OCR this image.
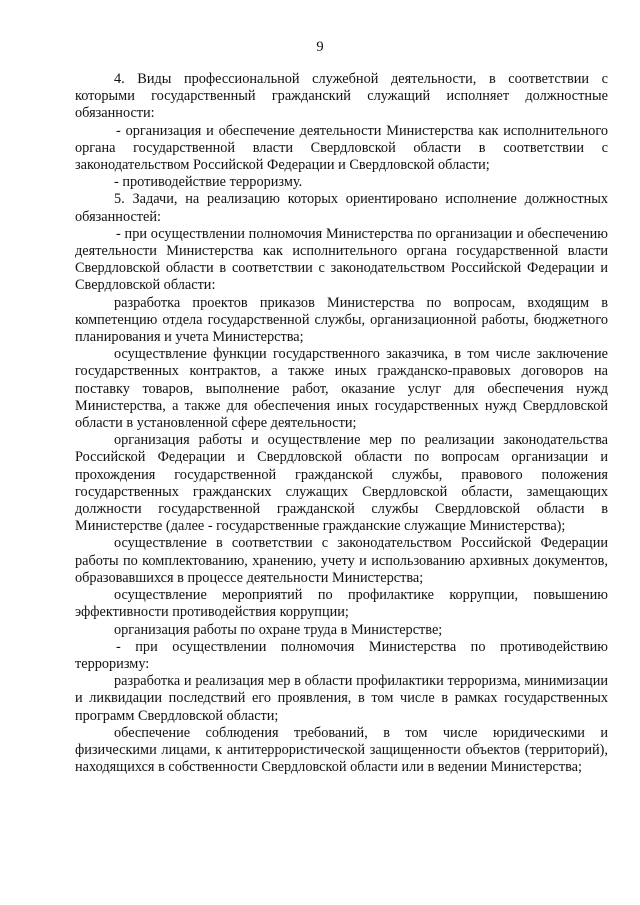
9

4. Виды профессиональной служебной деятельности, в соответствии с которыми государственный гражданский служащий исполняет должностные обязанности:

- организация и обеспечение деятельности Министерства как исполнительного органа государственной власти Свердловской области в соответствии с законодательством Российской Федерации и Свердловской области;

- противодействие терроризму.

5. Задачи, на реализацию которых ориентировано исполнение должностных обязанностей:

- при осуществлении полномочия Министерства по организации и обеспечению деятельности Министерства как исполнительного органа государственной власти Свердловской области в соответствии с законодательством Российской Федерации и Свердловской области:

разработка проектов приказов Министерства по вопросам, входящим в компетенцию отдела государственной службы, организационной работы, бюджетного планирования и учета Министерства;

осуществление функции государственного заказчика, в том числе заключение государственных контрактов, а также иных гражданско-правовых договоров на поставку товаров, выполнение работ, оказание услуг для обеспечения нужд Министерства, а также для обеспечения иных государственных нужд Свердловской области в установленной сфере деятельности;

организация работы и осуществление мер по реализации законодательства Российской Федерации и Свердловской области по вопросам организации и прохождения государственной гражданской службы, правового положения государственных гражданских служащих Свердловской области, замещающих должности государственной гражданской службы Свердловской области в Министерстве (далее - государственные гражданские служащие Министерства);

осуществление в соответствии с законодательством Российской Федерации работы по комплектованию, хранению, учету и использованию архивных документов, образовавшихся в процессе деятельности Министерства;

осуществление мероприятий по профилактике коррупции, повышению эффективности противодействия коррупции;

организация работы по охране труда в Министерстве;

- при осуществлении полномочия Министерства по противодействию терроризму:

разработка и реализация мер в области профилактики терроризма, минимизации и ликвидации последствий его проявления, в том числе в рамках государственных программ Свердловской области;

обеспечение соблюдения требований, в том числе юридическими и физическими лицами, к антитеррористической защищенности объектов (территорий), находящихся в собственности Свердловской области или в ведении Министерства;
